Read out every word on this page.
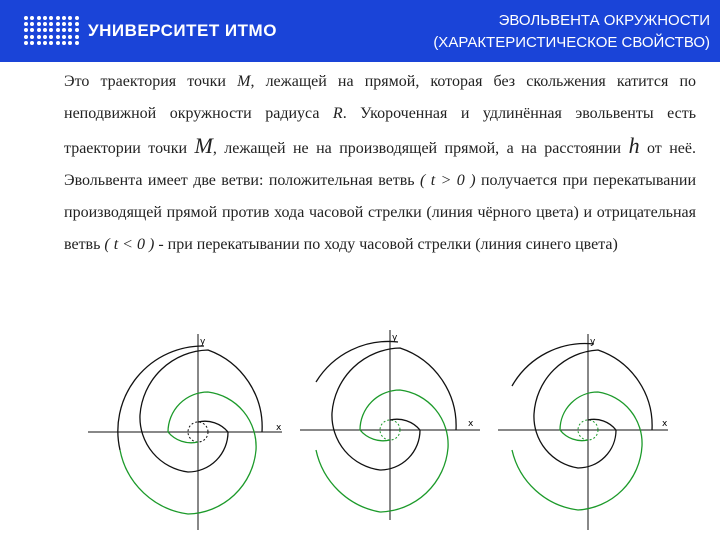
УНИВЕРСИТЕТ ИТМО
ЭВОЛЬВЕНТА ОКРУЖНОСТИ
(ХАРАКТЕРИСТИЧЕСКОЕ СВОЙСТВО)

Это траектория точки M, лежащей на прямой, которая без скольжения катится по неподвижной окружности радиуса R. Укороченная и удлинённая эвольвенты есть траектории точки M, лежащей не на производящей прямой, а на расстоянии h от неё. Эвольвента имеет две ветви: положительная ветвь ( t > 0 ) получается при перекатывании производящей прямой против хода часовой стрелки (линия чёрного цвета) и отрицательная ветвь ( t < 0 ) - при перекатывании по ходу часовой стрелки (линия синего цвета)

x
y
x
y
x
y
